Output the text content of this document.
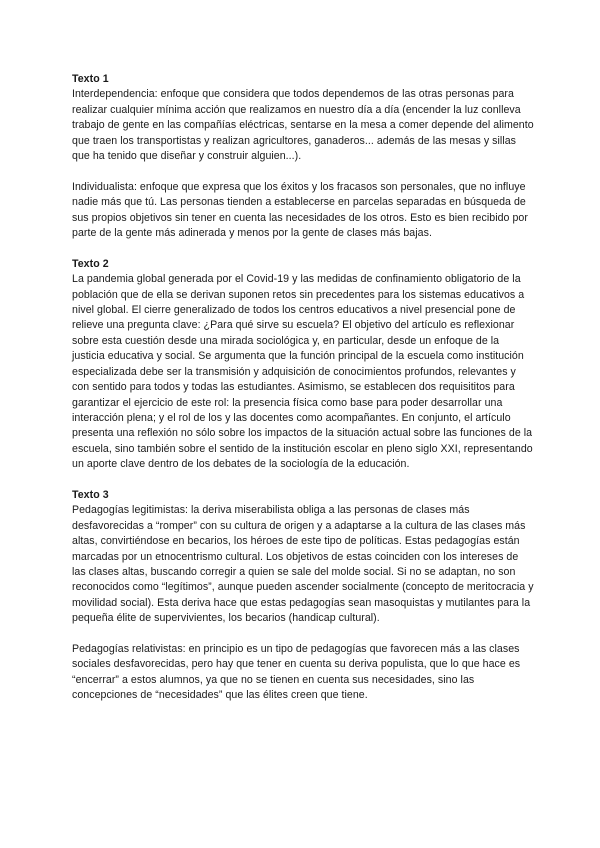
Texto 1

Interdependencia: enfoque que considera que todos dependemos de las otras personas para realizar cualquier mínima acción que realizamos en nuestro día a día (encender la luz conlleva trabajo de gente en las compañías eléctricas, sentarse en la mesa a comer depende del alimento que traen los transportistas y realizan agricultores, ganaderos... además de las mesas y sillas que ha tenido que diseñar y construir alguien...).

Individualista: enfoque que expresa que los éxitos y los fracasos son personales, que no influye nadie más que tú. Las personas tienden a establecerse en parcelas separadas en búsqueda de sus propios objetivos sin tener en cuenta las necesidades de los otros. Esto es bien recibido por parte de la gente más adinerada y menos por la gente de clases más bajas.

Texto 2

La pandemia global generada por el Covid-19 y las medidas de confinamiento obligatorio de la población que de ella se derivan suponen retos sin precedentes para los sistemas educativos a nivel global. El cierre generalizado de todos los centros educativos a nivel presencial pone de relieve una pregunta clave: ¿Para qué sirve su escuela? El objetivo del artículo es reflexionar sobre esta cuestión desde una mirada sociológica y, en particular, desde un enfoque de la justicia educativa y social. Se argumenta que la función principal de la escuela como institución especializada debe ser la transmisión y adquisición de conocimientos profundos, relevantes y con sentido para todos y todas las estudiantes. Asimismo, se establecen dos requisititos para garantizar el ejercicio de este rol: la presencia física como base para poder desarrollar una interacción plena; y el rol de los y las docentes como acompañantes. En conjunto, el artículo presenta una reflexión no sólo sobre los impactos de la situación actual sobre las funciones de la escuela, sino también sobre el sentido de la institución escolar en pleno siglo XXI, representando un aporte clave dentro de los debates de la sociología de la educación.

Texto 3

Pedagogías legitimistas: la deriva miserabilista obliga a las personas de clases más desfavorecidas a “romper” con su cultura de origen y a adaptarse a la cultura de las clases más altas, convirtiéndose en becarios, los héroes de este tipo de políticas. Estas pedagogías están marcadas por un etnocentrismo cultural. Los objetivos de estas coinciden con los intereses de las clases altas, buscando corregir a quien se sale del molde social. Si no se adaptan, no son reconocidos como “legítimos”, aunque pueden ascender socialmente (concepto de meritocracia y movilidad social). Esta deriva hace que estas pedagogías sean masoquistas y mutilantes para la pequeña élite de supervivientes, los becarios (handicap cultural).

Pedagogías relativistas: en principio es un tipo de pedagogías que favorecen más a las clases sociales desfavorecidas, pero hay que tener en cuenta su deriva populista, que lo que hace es “encerrar” a estos alumnos, ya que no se tienen en cuenta sus necesidades, sino las concepciones de “necesidades” que las élites creen que tiene.
